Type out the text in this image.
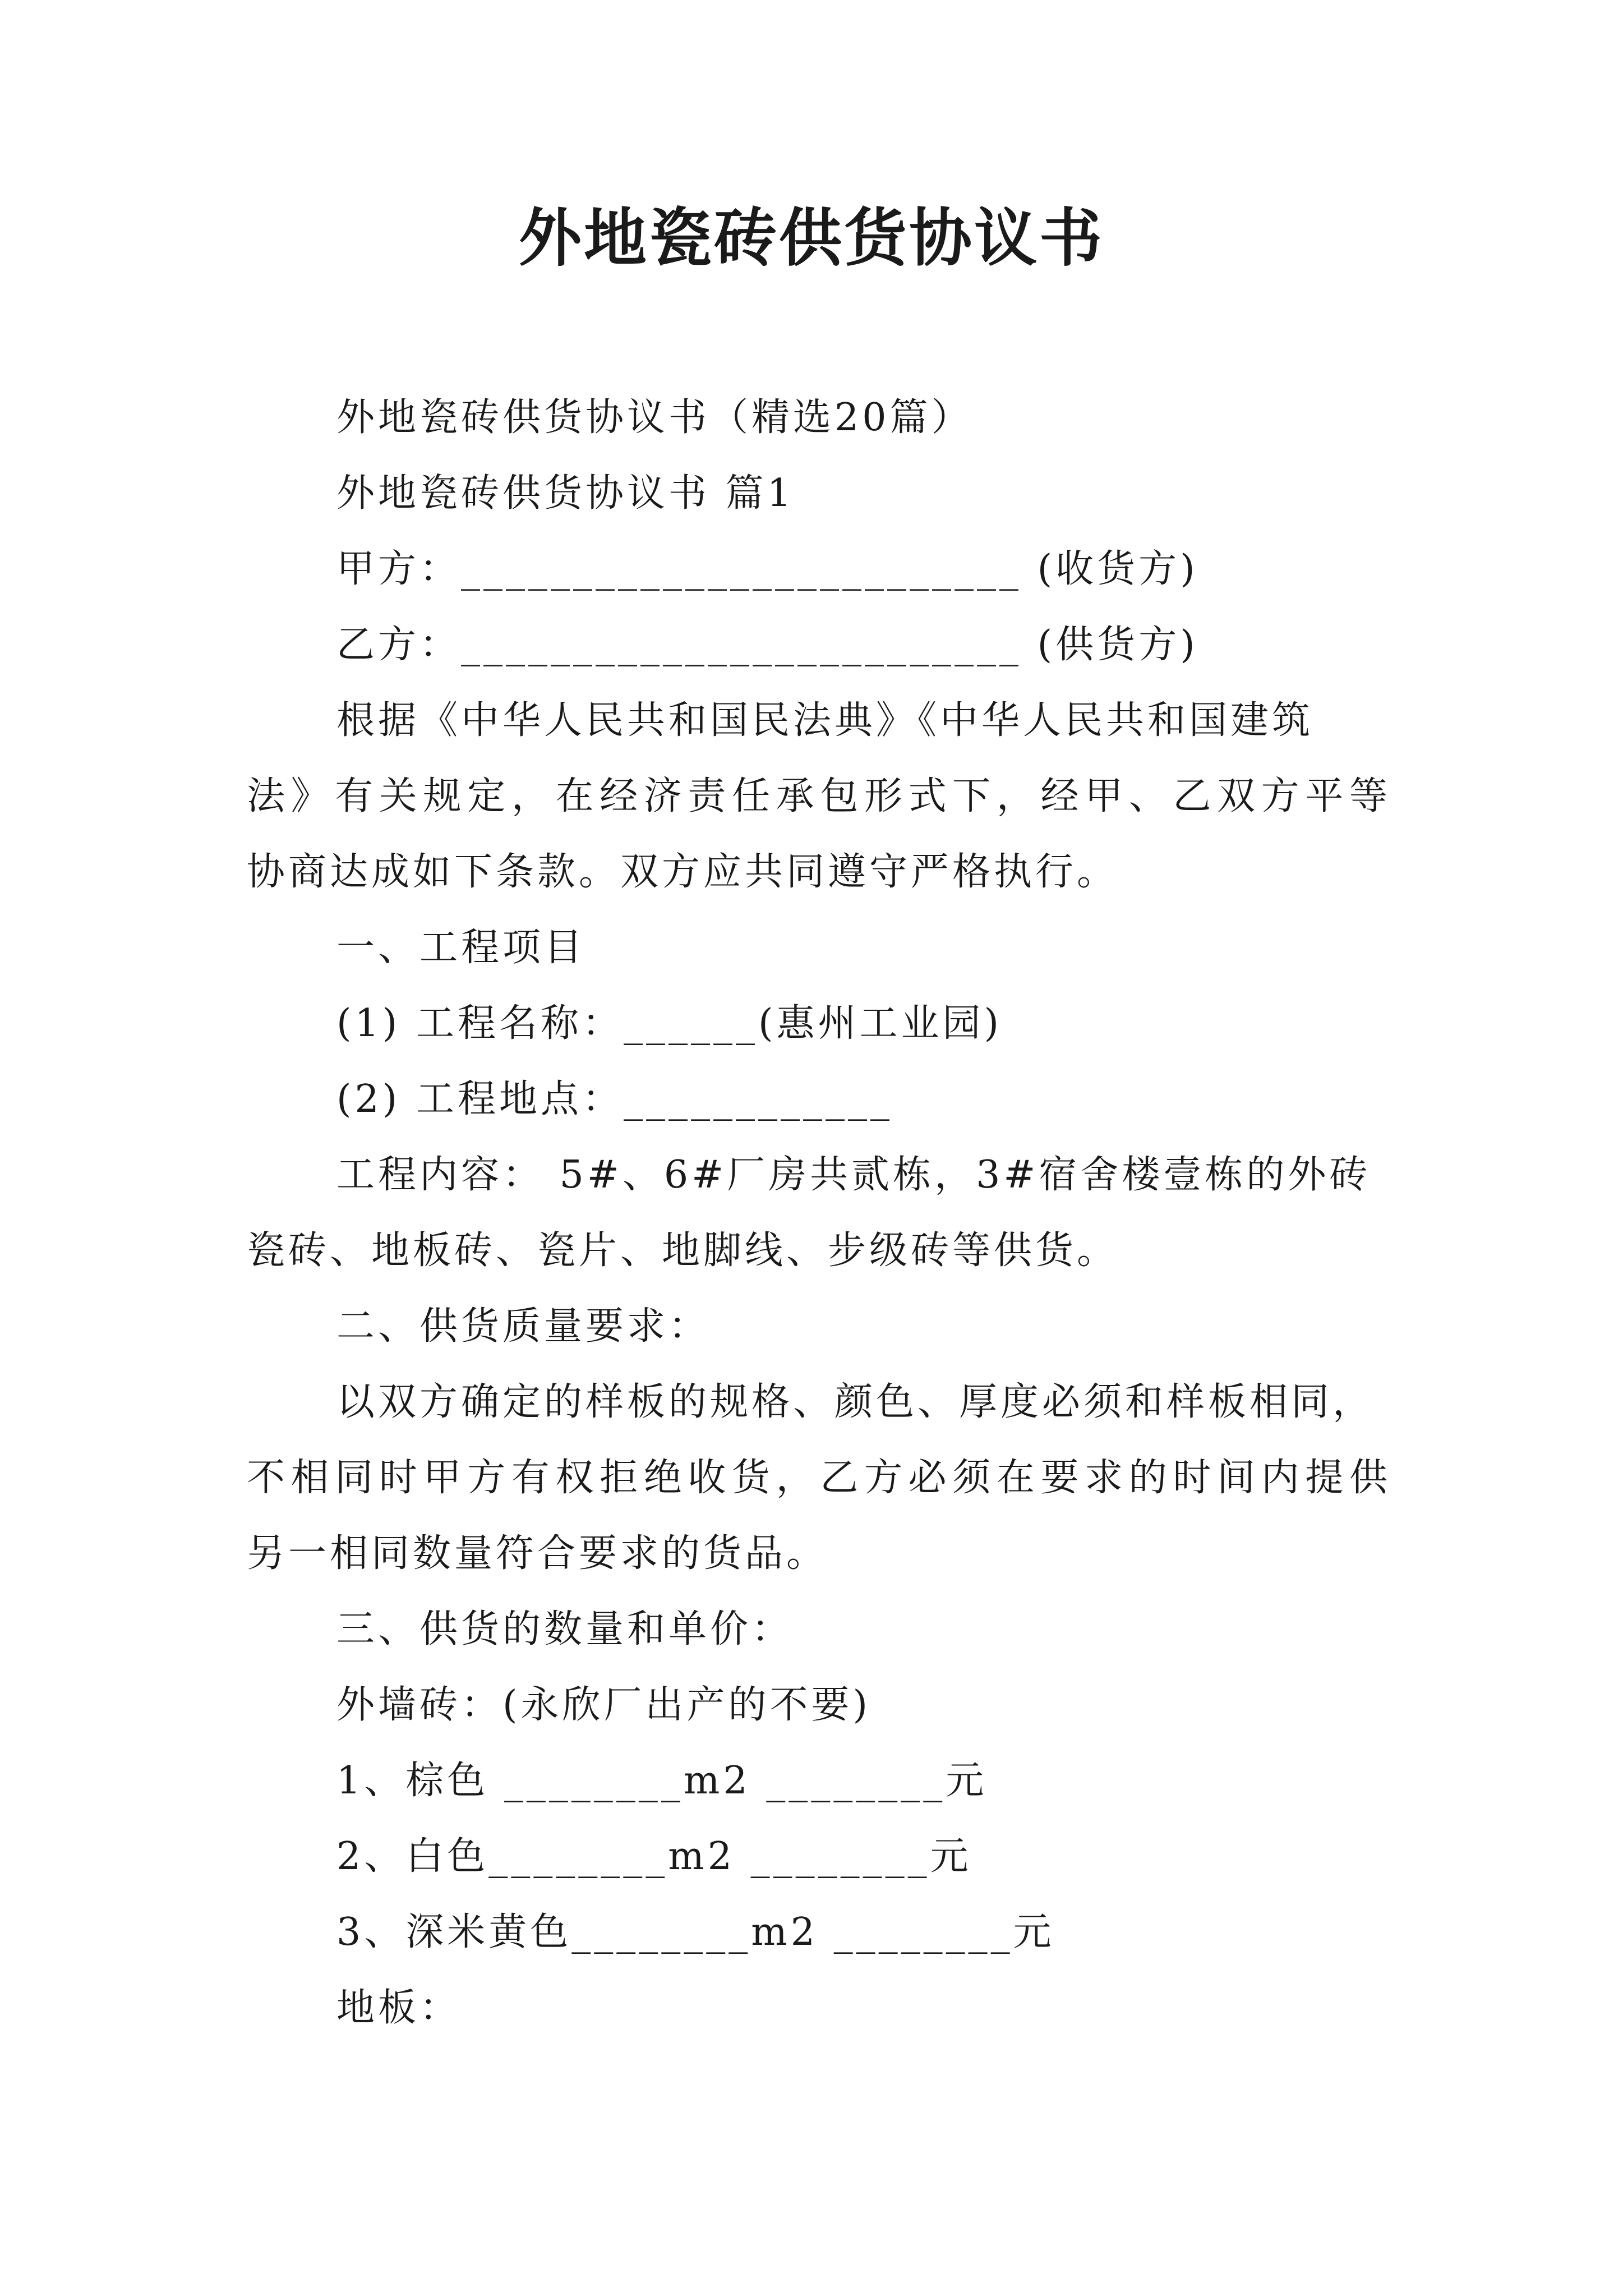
外地瓷砖供货协议书
外地瓷砖供货协议书（精选20篇）
外地瓷砖供货协议书 篇1
甲方：_________________________ (收货方)
乙方：_________________________ (供货方)
根据《中华人民共和国民法典》《中华人民共和国建筑
法》有关规定，在经济责任承包形式下，经甲、乙双方平等
协商达成如下条款。双方应共同遵守严格执行。
一、工程项目
(1) 工程名称：______(惠州工业园)
(2) 工程地点：____________
工程内容： 5#、6#厂房共贰栋，3#宿舍楼壹栋的外砖
瓷砖、地板砖、瓷片、地脚线、步级砖等供货。
二、供货质量要求：
以双方确定的样板的规格、颜色、厚度必须和样板相同，
不相同时甲方有权拒绝收货，乙方必须在要求的时间内提供
另一相同数量符合要求的货品。
三、供货的数量和单价：
外墙砖：(永欣厂出产的不要)
1、棕色 ________m2 ________元
2、白色________m2 ________元
3、深米黄色________m2 ________元
地板：
